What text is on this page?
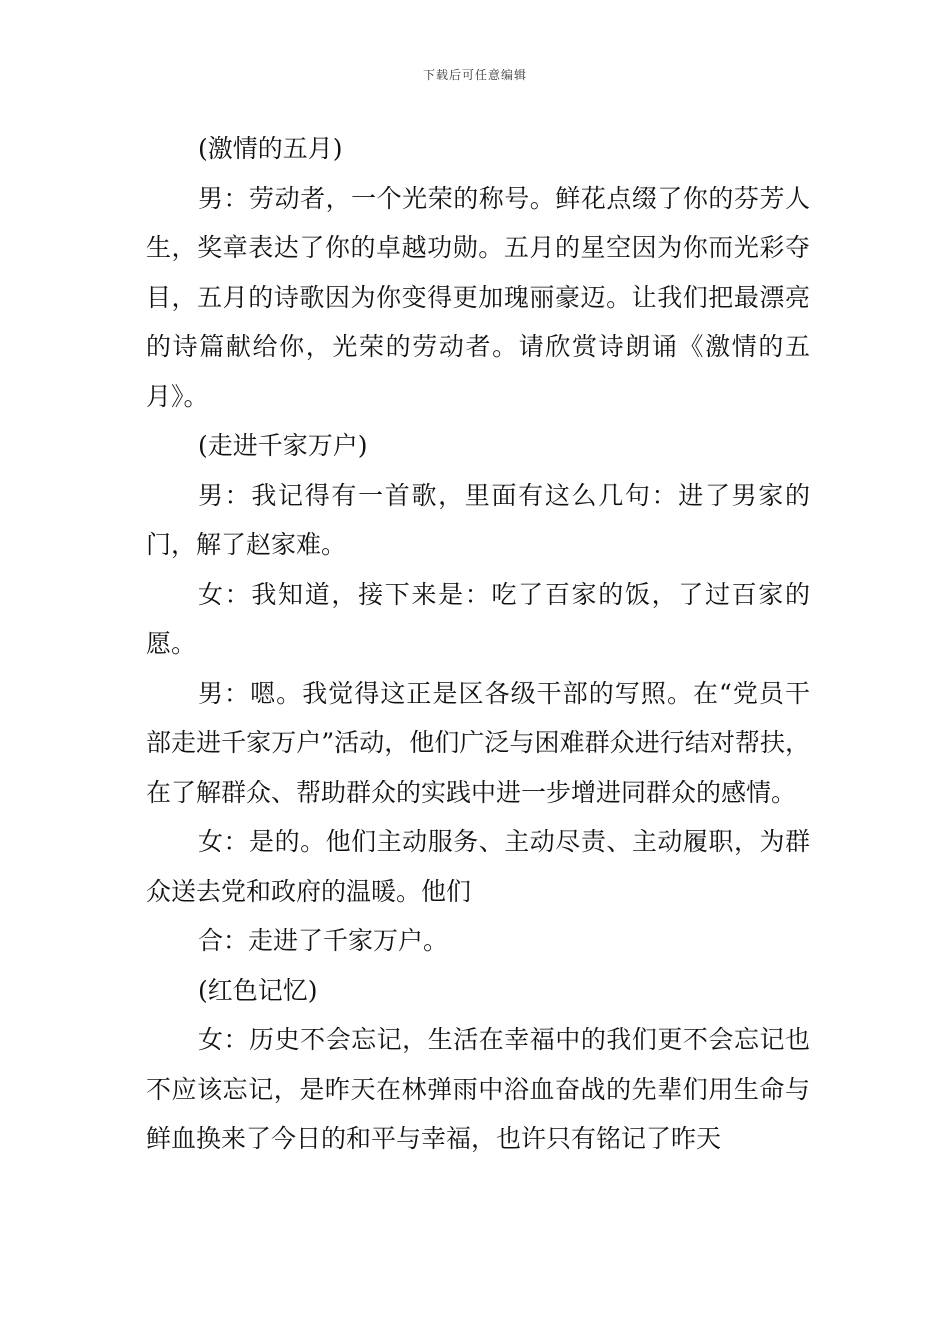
下载后可任意编辑

(激情的五月)

男：劳动者，一个光荣的称号。鲜花点缀了你的芬芳人生，奖章表达了你的卓越功勋。五月的星空因为你而光彩夺目，五月的诗歌因为你变得更加瑰丽豪迈。让我们把最漂亮的诗篇献给你，光荣的劳动者。请欣赏诗朗诵《激情的五月》。

(走进千家万户)

男：我记得有一首歌，里面有这么几句：进了男家的门，解了赵家难。

女：我知道，接下来是：吃了百家的饭，了过百家的愿。

男：嗯。我觉得这正是区各级干部的写照。在“党员干部走进千家万户”活动，他们广泛与困难群众进行结对帮扶，在了解群众、帮助群众的实践中进一步增进同群众的感情。

女：是的。他们主动服务、主动尽责、主动履职，为群众送去党和政府的温暖。他们

合：走进了千家万户。

(红色记忆)

女：历史不会忘记，生活在幸福中的我们更不会忘记也不应该忘记，是昨天在林弹雨中浴血奋战的先辈们用生命与鲜血换来了今日的和平与幸福，也许只有铭记了昨天
